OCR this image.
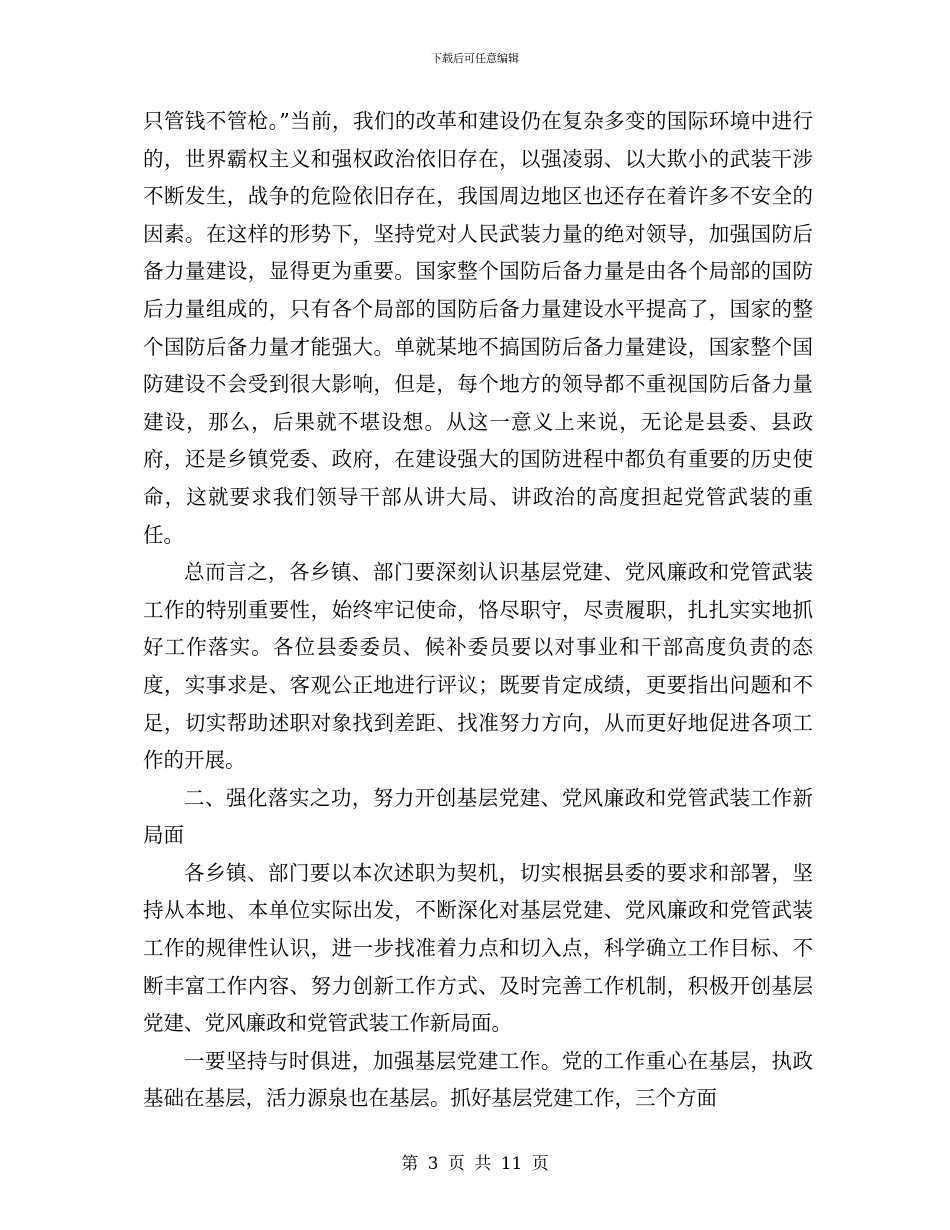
下载后可任意编辑

只管钱不管枪。”当前，我们的改革和建设仍在复杂多变的国际环境中进行的，世界霸权主义和强权政治依旧存在，以强凌弱、以大欺小的武装干涉不断发生，战争的危险依旧存在，我国周边地区也还存在着许多不安全的因素。在这样的形势下，坚持党对人民武装力量的绝对领导，加强国防后备力量建设，显得更为重要。国家整个国防后备力量是由各个局部的国防后力量组成的，只有各个局部的国防后备力量建设水平提高了，国家的整个国防后备力量才能强大。单就某地不搞国防后备力量建设，国家整个国防建设不会受到很大影响，但是，每个地方的领导都不重视国防后备力量建设，那么，后果就不堪设想。从这一意义上来说，无论是县委、县政府，还是乡镇党委、政府，在建设强大的国防进程中都负有重要的历史使命，这就要求我们领导干部从讲大局、讲政治的高度担起党管武装的重任。

总而言之，各乡镇、部门要深刻认识基层党建、党风廉政和党管武装工作的特别重要性，始终牢记使命，恪尽职守，尽责履职，扎扎实实地抓好工作落实。各位县委委员、候补委员要以对事业和干部高度负责的态度，实事求是、客观公正地进行评议；既要肯定成绩，更要指出问题和不足，切实帮助述职对象找到差距、找准努力方向，从而更好地促进各项工作的开展。

二、强化落实之功，努力开创基层党建、党风廉政和党管武装工作新局面

各乡镇、部门要以本次述职为契机，切实根据县委的要求和部署，坚持从本地、本单位实际出发，不断深化对基层党建、党风廉政和党管武装工作的规律性认识，进一步找准着力点和切入点，科学确立工作目标、不断丰富工作内容、努力创新工作方式、及时完善工作机制，积极开创基层党建、党风廉政和党管武装工作新局面。

一要坚持与时俱进，加强基层党建工作。党的工作重心在基层，执政基础在基层，活力源泉也在基层。抓好基层党建工作，三个方面

第 3 页 共 11 页
